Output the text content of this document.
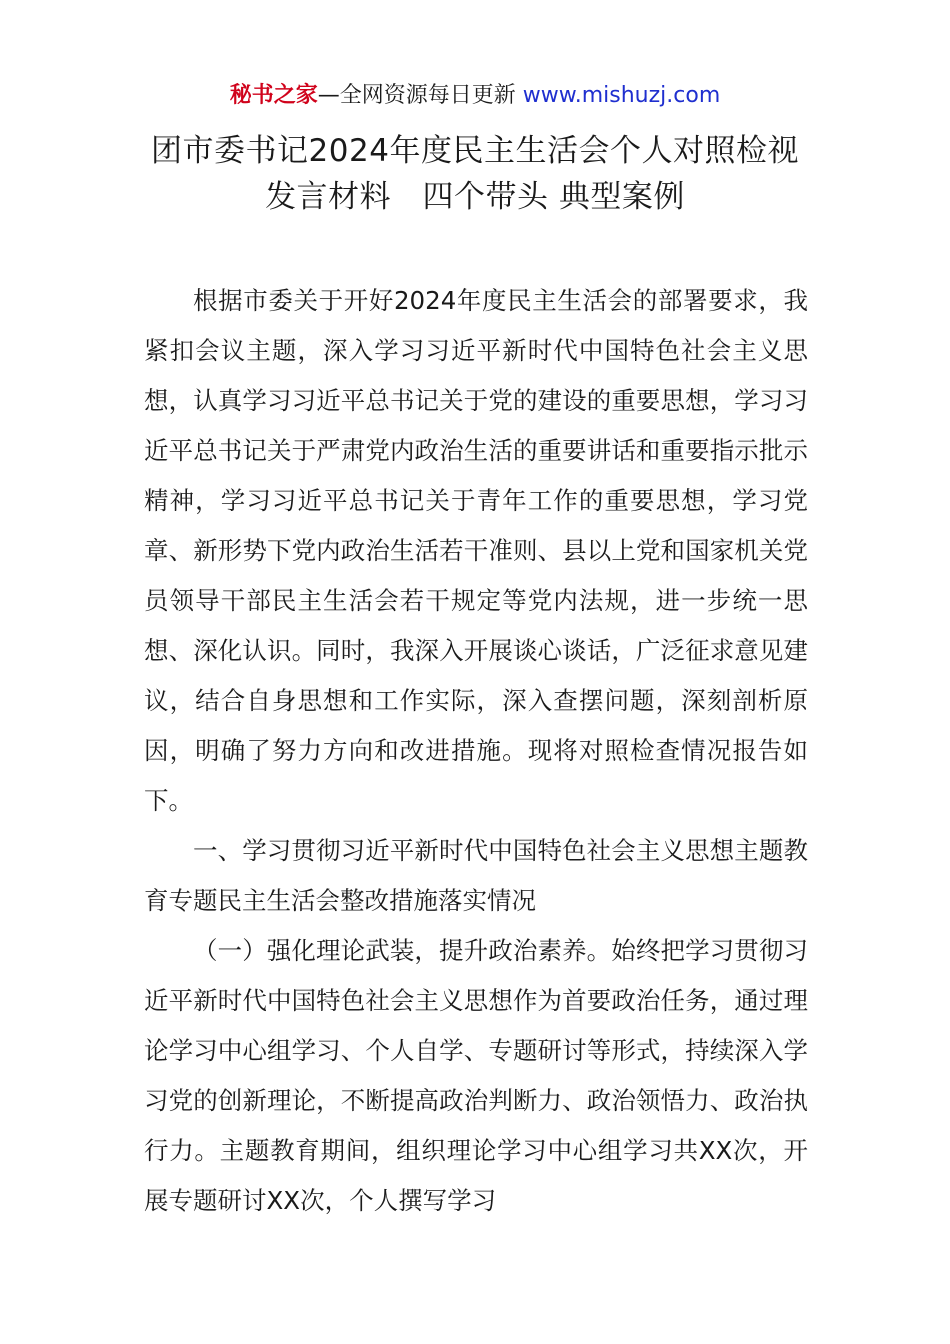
秘书之家—全网资源每日更新 www.mishuzj.com
团市委书记2024年度民主生活会个人对照检视
发言材料　四个带头 典型案例

根据市委关于开好2024年度民主生活会的部署要求，我紧扣会议主题，深入学习习近平新时代中国特色社会主义思想，认真学习习近平总书记关于党的建设的重要思想，学习习近平总书记关于严肃党内政治生活的重要讲话和重要指示批示精神，学习习近平总书记关于青年工作的重要思想，学习党章、新形势下党内政治生活若干准则、县以上党和国家机关党员领导干部民主生活会若干规定等党内法规，进一步统一思想、深化认识。同时，我深入开展谈心谈话，广泛征求意见建议，结合自身思想和工作实际，深入查摆问题，深刻剖析原因，明确了努力方向和改进措施。现将对照检查情况报告如下。

一、学习贯彻习近平新时代中国特色社会主义思想主题教育专题民主生活会整改措施落实情况

（一）强化理论武装，提升政治素养。始终把学习贯彻习近平新时代中国特色社会主义思想作为首要政治任务，通过理论学习中心组学习、个人自学、专题研讨等形式，持续深入学习党的创新理论，不断提高政治判断力、政治领悟力、政治执行力。主题教育期间，组织理论学习中心组学习共XX次，开展专题研讨XX次，个人撰写学习
